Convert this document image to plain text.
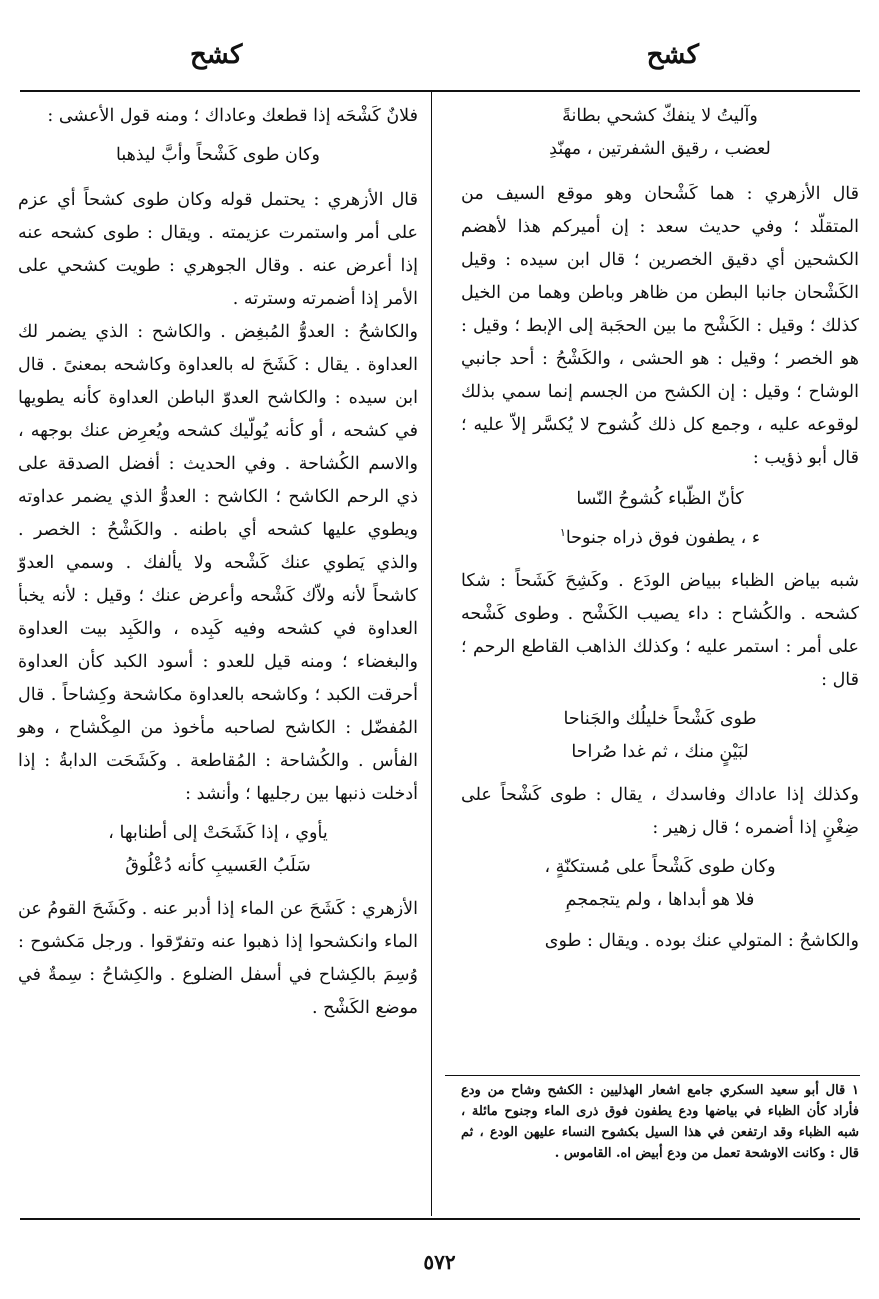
كشح
كشح

وآليتُ لا ينفكّ كشحي بطانةً

لعضب ، رقيق الشفرتين ، مهنّدِ

قال الأزهري : هما كَشْحان وهو موقع السيف من المتقلّد ؛ وفي حديث سعد : إن أميركم هذا لأهضم الكشحين أي دقيق الخصرين ؛ قال ابن سيده : وقيل الكَشْحان جانبا البطن من ظاهر وباطن وهما من الخيل كذلك ؛ وقيل : الكَشْح ما بين الحجَبة إلى الإبط ؛ وقيل : هو الخصر ؛ وقيل : هو الحشى ، والكَشْحُ : أحد جانبي الوشاح ؛ وقيل : إن الكشح من الجسم إنما سمي بذلك لوقوعه عليه ، وجمع كل ذلك كُشوح لا يُكسَّر إلاّ عليه ؛ قال أبو ذؤيب :

كأنّ الظّباء كُشوحُ النّسا

ء ، يطفون فوق ذراه جنوحا$^١$

شبه بياض الظباء ببياض الودَع . وكَشِحَ كَشَحاً : شكا كشحه . والكُشاح : داء يصيب الكَشْح . وطوى كَشْحه على أمر : استمر عليه ؛ وكذلك الذاهب القاطع الرحم ؛ قال :

طوى كَشْحاً خليلُك والجَناحا

لبَيْنٍ منك ، ثم غدا صُراحا

وكذلك إذا عاداك وفاسدك ، يقال : طوى كَشْحاً على ضِغْنٍ إذا أضمره ؛ قال زهير :

وكان طوى كَشْحاً على مُستكنّةٍ ،

فلا هو أبداها ، ولم يتجمجمِ

والكاشحُ : المتولي عنك بوده . ويقال : طوى

١ قال أبو سعيد السكري جامع اشعار الهذليين : الكشح وشاح من ودع فأراد كأن الظباء في بياضها ودع يطفون فوق ذرى الماء وجنوح مائلة ، شبه الظباء وقد ارتفعن في هذا السيل بكشوح النساء عليهن الودع ، ثم قال : وكانت الاوشحة تعمل من ودع أبيض اه. القاموس .

فلانٌ كَشْحَه إذا قطعك وعاداك ؛ ومنه قول الأعشى :

وكان طوى كَشْحاً وأبَّ ليذهبا

قال الأزهري : يحتمل قوله وكان طوى كشحاً أي عزم على أمر واستمرت عزيمته . ويقال : طوى كشحه عنه إذا أعرض عنه . وقال الجوهري : طويت كشحي على الأمر إذا أضمرته وسترته .

والكاشحُ : العدوُّ المُبغِض . والكاشح : الذي يضمر لك العداوة . يقال : كَشَحَ له بالعداوة وكاشحه بمعنىً . قال ابن سيده : والكاشح العدوّ الباطن العداوة كأنه يطويها في كشحه ، أو كأنه يُولّيك كشحه ويُعرِض عنك بوجهه ، والاسم الكُشاحة . وفي الحديث : أفضل الصدقة على ذي الرحم الكاشح ؛ الكاشح : العدوُّ الذي يضمر عداوته ويطوي عليها كشحه أي باطنه . والكَشْحُ : الخصر . والذي يَطوي عنك كَشْحه ولا يألفك . وسمي العدوّ كاشحاً لأنه ولاّك كَشْحه وأعرض عنك ؛ وقيل : لأنه يخبأ العداوة في كشحه وفيه كَبِده ، والكَبِد بيت العداوة والبغضاء ؛ ومنه قيل للعدو : أسود الكبد كأن العداوة أحرقت الكبد ؛ وكاشحه بالعداوة مكاشحة وكِشاحاً . قال المُفضّل : الكاشح لصاحبه مأخوذ من المِكْشاح ، وهو الفأس . والكُشاحة : المُقاطعة . وكَشَحَت الدابةُ : إذا أدخلت ذنبها بين رجليها ؛ وأنشد :

يأوي ، إذا كَشَحَتْ إلى أطنابها ،

سَلَبُ العَسيبِ كأنه دُعْلُوقُ

الأزهري : كَشَحَ عن الماء إذا أدبر عنه . وكَشَحَ القومُ عن الماء وانكشحوا إذا ذهبوا عنه وتفرّقوا . ورجل مَكشوح : وُسِمَ بالكِشاح في أسفل الضلوع . والكِشاحُ : سِمةٌ في موضع الكَشْح .

٥٧٢
